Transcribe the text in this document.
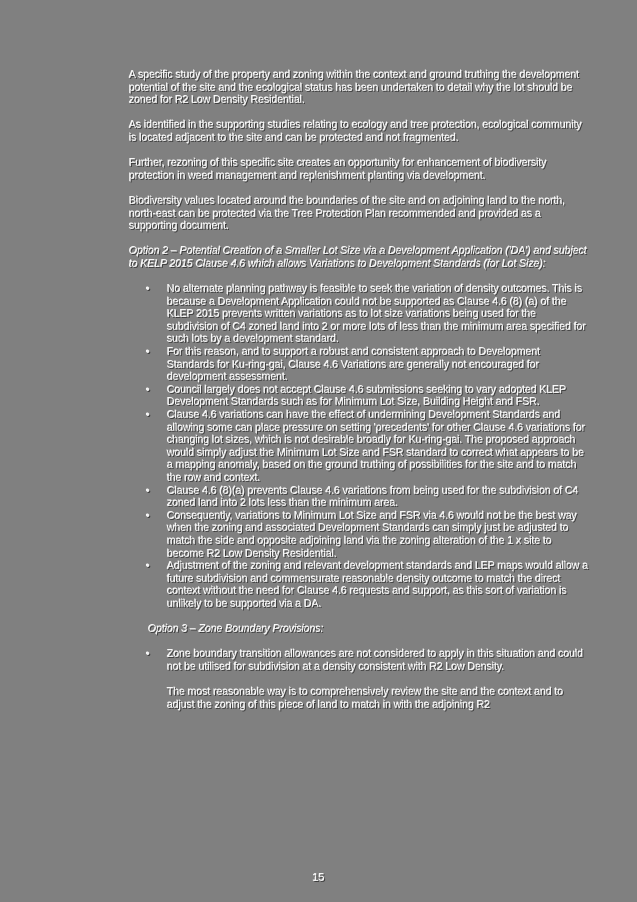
A specific study of the property and zoning within the context and ground truthing the development potential of the site and the ecological status has been undertaken to detail why the lot should be zoned for R2 Low Density Residential.

As identified in the supporting studies relating to ecology and tree protection, ecological community is located adjacent to the site and can be protected and not fragmented.

Further, rezoning of this specific site creates an opportunity for enhancement of biodiversity protection in weed management and replenishment planting via development.

Biodiversity values located around the boundaries of the site and on adjoining land to the north, north-east can be protected via the Tree Protection Plan recommended and provided as a supporting document.

Option 2 – Potential Creation of a Smaller Lot Size via a Development Application ('DA') and subject to KELP 2015 Clause 4.6 which allows Variations to Development Standards (for Lot Size):

• No alternate planning pathway is feasible to seek the variation of density outcomes. This is because a Development Application could not be supported as Clause 4.6 (8) (a) of the KLEP 2015 prevents written variations as to lot size variations being used for the subdivision of C4 zoned land into 2 or more lots of less than the minimum area specified for such lots by a development standard.
• For this reason, and to support a robust and consistent approach to Development Standards for Ku-ring-gai, Clause 4.6 Variations are generally not encouraged for development assessment.
• Council largely does not accept Clause 4.6 submissions seeking to vary adopted KLEP Development Standards such as for Minimum Lot Size, Building Height and FSR.
• Clause 4.6 variations can have the effect of undermining Development Standards and allowing some can place pressure on setting 'precedents' for other Clause 4.6 variations for changing lot sizes, which is not desirable broadly for Ku-ring-gai. The proposed approach would simply adjust the Minimum Lot Size and FSR standard to correct what appears to be a mapping anomaly, based on the ground truthing of possibilities for the site and to match the row and context.
• Clause 4.6 (8)(a) prevents Clause 4.6 variations from being used for the subdivision of C4 zoned land into 2 lots less than the minimum area.
• Consequently, variations to Minimum Lot Size and FSR via 4.6 would not be the best way when the zoning and associated Development Standards can simply just be adjusted to match the side and opposite adjoining land via the zoning alteration of the 1 x site to become R2 Low Density Residential.
• Adjustment of the zoning and relevant development standards and LEP maps would allow a future subdivision and commensurate reasonable density outcome to match the direct context without the need for Clause 4.6 requests and support, as this sort of variation is unlikely to be supported via a DA.

Option 3 – Zone Boundary Provisions:

• Zone boundary transition allowances are not considered to apply in this situation and could not be utilised for subdivision at a density consistent with R2 Low Density.

The most reasonable way is to comprehensively review the site and the context and to adjust the zoning of this piece of land to match in with the adjoining R2

15
